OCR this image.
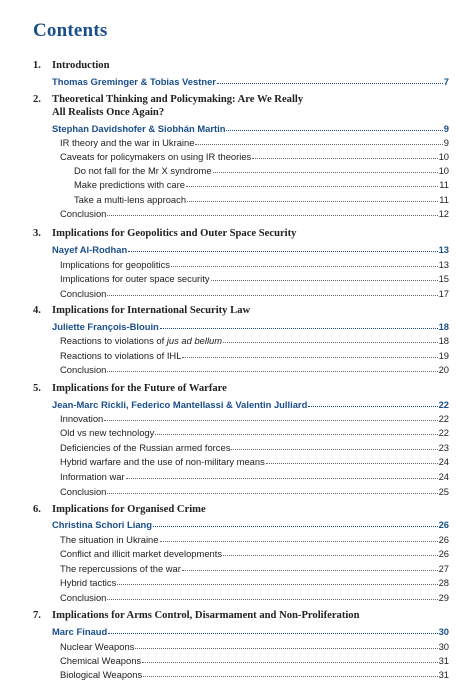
Contents
1.	Introduction
Thomas Greminger & Tobias Vestner	7
2.	Theoretical Thinking and Policymaking: Are We Really
All Realists Once Again?
Stephan Davidshofer & Siobhán Martin	9
IR theory and the war in Ukraine	9
Caveats for policymakers on using IR theories	10
Do not fall for the Mr X syndrome	10
Make predictions with care	11
Take a multi-lens approach	11
Conclusion	12
3.	Implications for Geopolitics and Outer Space Security
Nayef Al-Rodhan	13
Implications for geopolitics	13
Implications for outer space security	15
Conclusion	17
4.	Implications for International Security Law
Juliette François-Blouin	18
Reactions to violations of jus ad bellum	18
Reactions to violations of IHL	19
Conclusion	20
5.	Implications for the Future of Warfare
Jean-Marc Rickli, Federico Mantellassi & Valentin Julliard	22
Innovation	22
Old vs new technology	22
Deficiencies of the Russian armed forces	23
Hybrid warfare and the use of non-military means	24
Information war	24
Conclusion	25
6.	Implications for Organised Crime
Christina Schori Liang	26
The situation in Ukraine	26
Conflict and illicit market developments	26
The repercussions of the war	27
Hybrid tactics	28
Conclusion	29
7.	Implications for Arms Control, Disarmament and Non-Proliferation
Marc Finaud	30
Nuclear Weapons	30
Chemical Weapons	31
Biological Weapons	31
